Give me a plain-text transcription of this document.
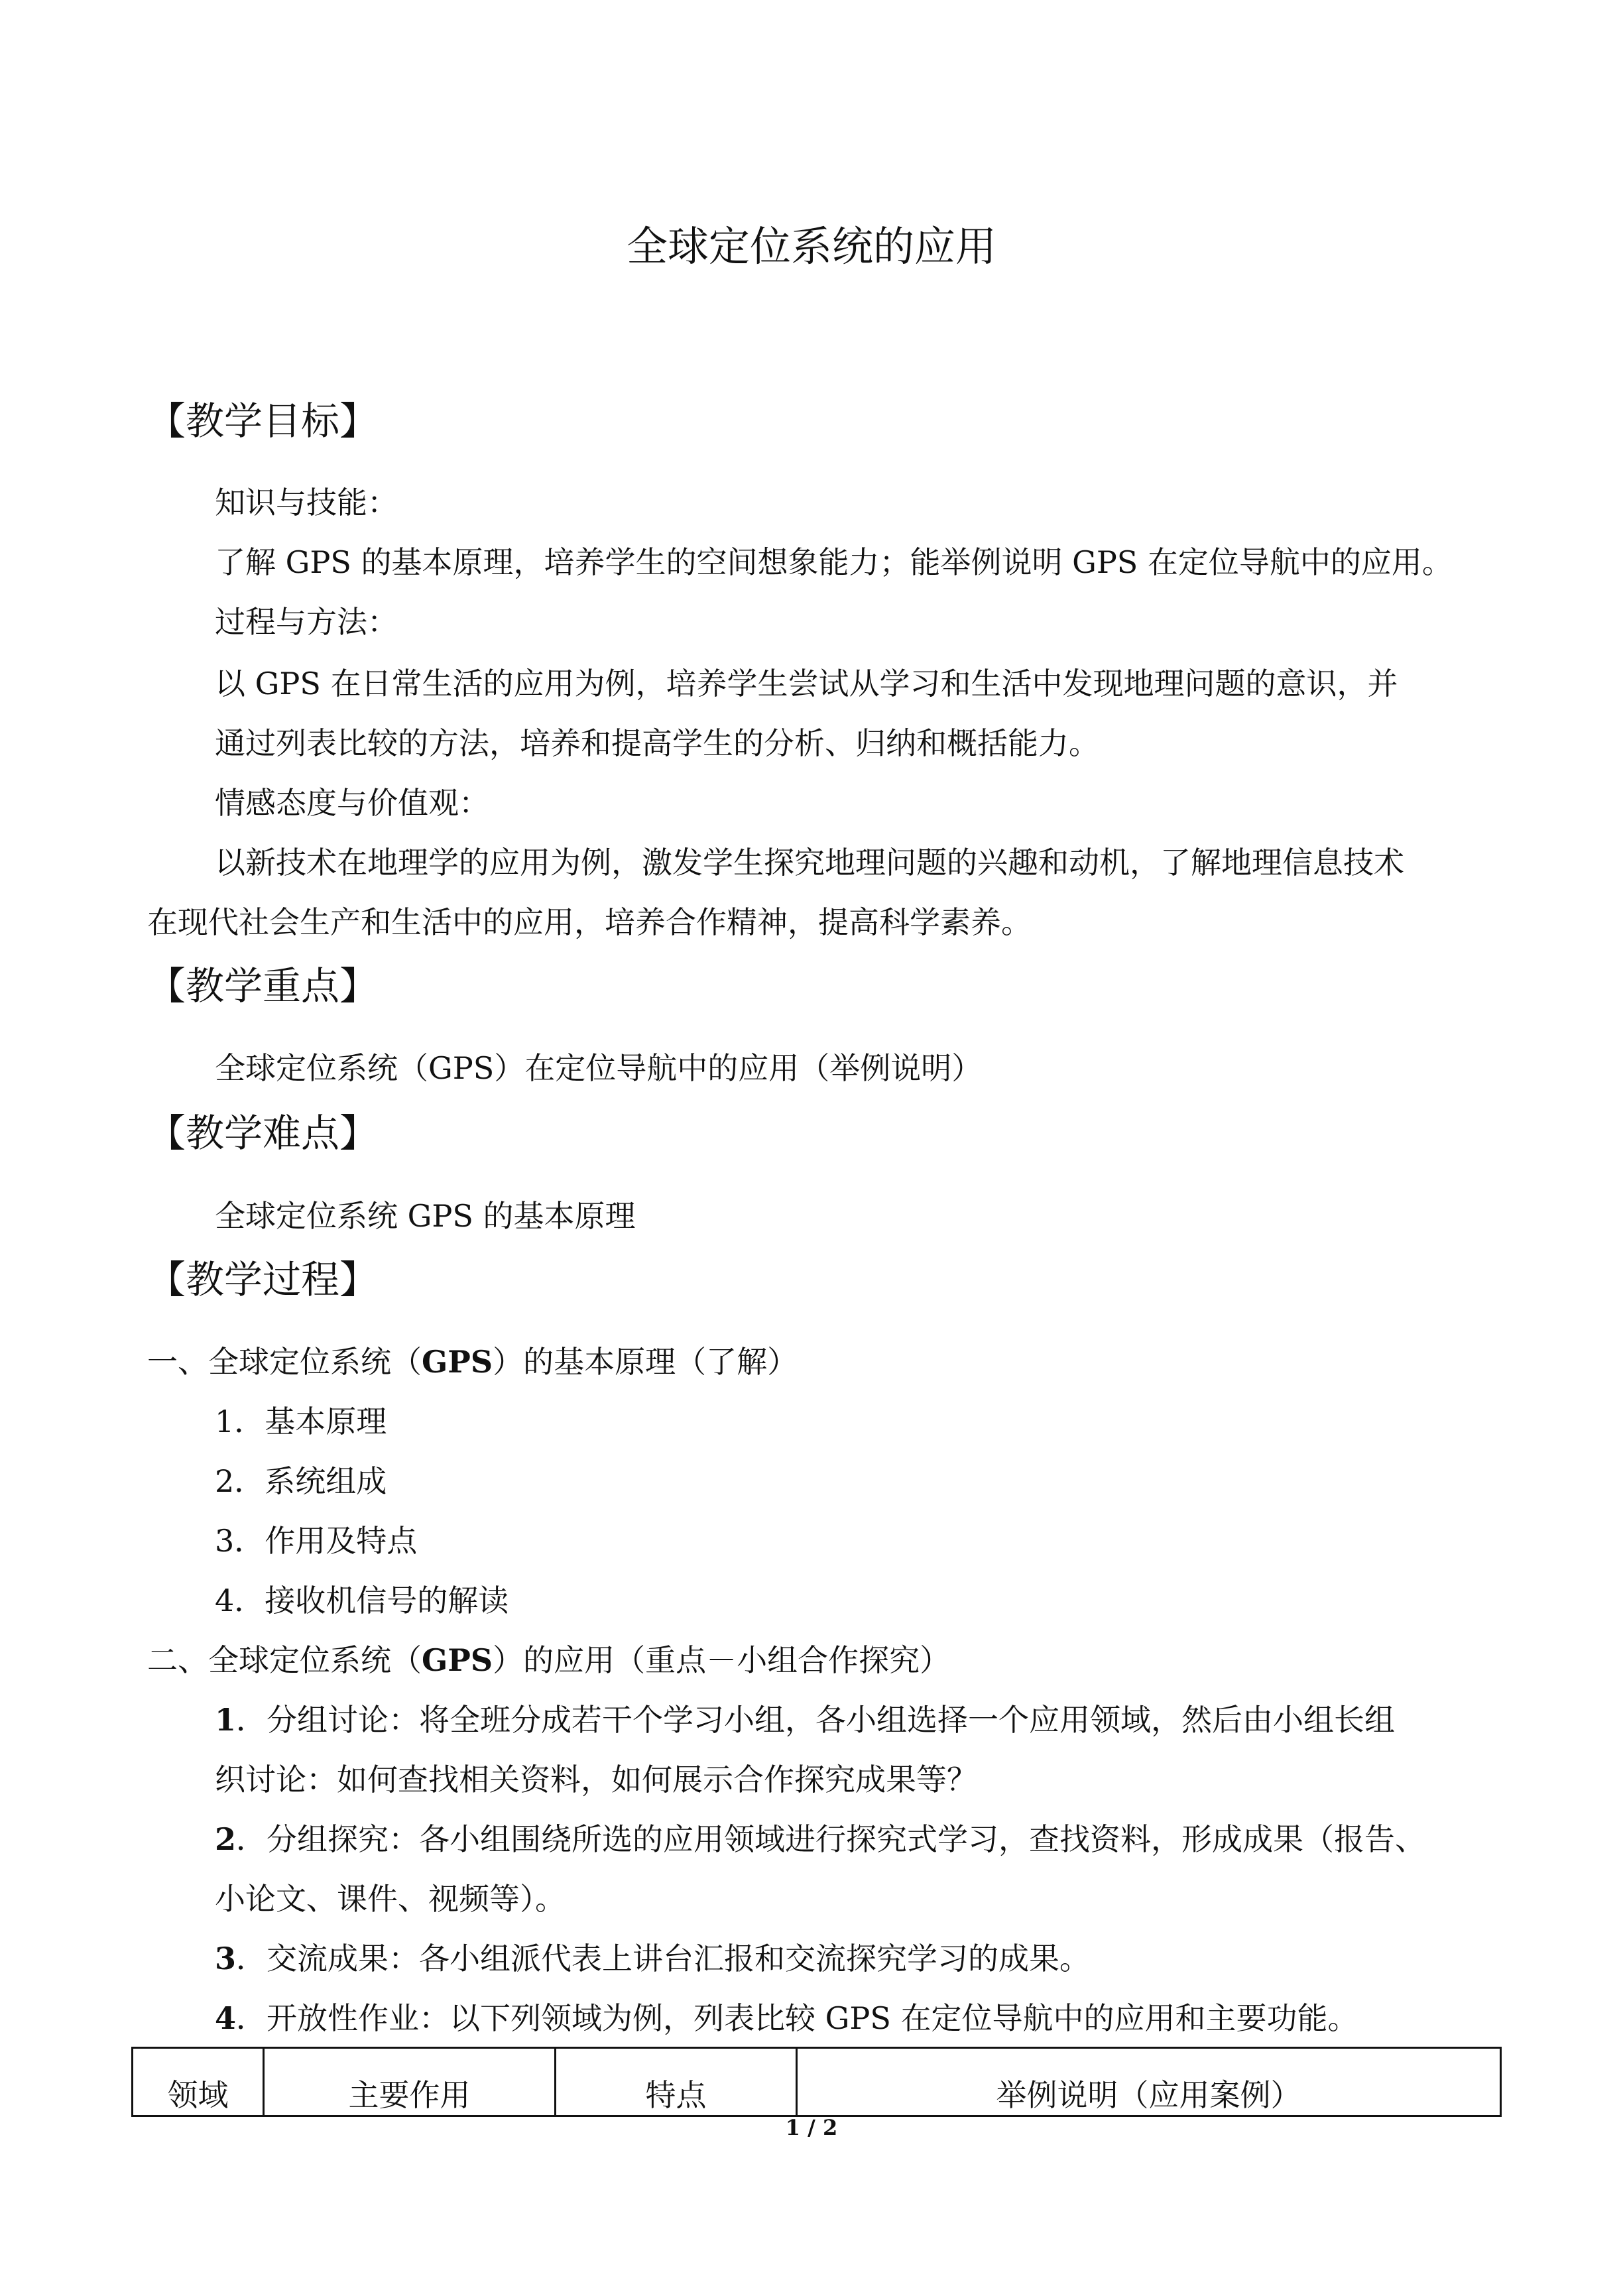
全球定位系统的应用
【教学目标】
知识与技能：
了解 GPS 的基本原理，培养学生的空间想象能力；能举例说明 GPS 在定位导航中的应用。
过程与方法：
以 GPS 在日常生活的应用为例，培养学生尝试从学习和生活中发现地理问题的意识，并
通过列表比较的方法，培养和提高学生的分析、归纳和概括能力。
情感态度与价值观：
以新技术在地理学的应用为例，激发学生探究地理问题的兴趣和动机，了解地理信息技术
在现代社会生产和生活中的应用，培养合作精神，提高科学素养。
【教学重点】
全球定位系统（GPS）在定位导航中的应用（举例说明）
【教学难点】
全球定位系统 GPS 的基本原理
【教学过程】
一、全球定位系统（GPS）的基本原理（了解）
1．基本原理
2．系统组成
3．作用及特点
4．接收机信号的解读
二、全球定位系统（GPS）的应用（重点－小组合作探究）
1．分组讨论：将全班分成若干个学习小组，各小组选择一个应用领域，然后由小组长组
织讨论：如何查找相关资料，如何展示合作探究成果等？
2．分组探究：各小组围绕所选的应用领域进行探究式学习，查找资料，形成成果（报告、
小论文、课件、视频等）。
3．交流成果：各小组派代表上讲台汇报和交流探究学习的成果。
4．开放性作业：以下列领域为例，列表比较 GPS 在定位导航中的应用和主要功能。
领域	主要作用	特点	举例说明（应用案例）
1 / 2
